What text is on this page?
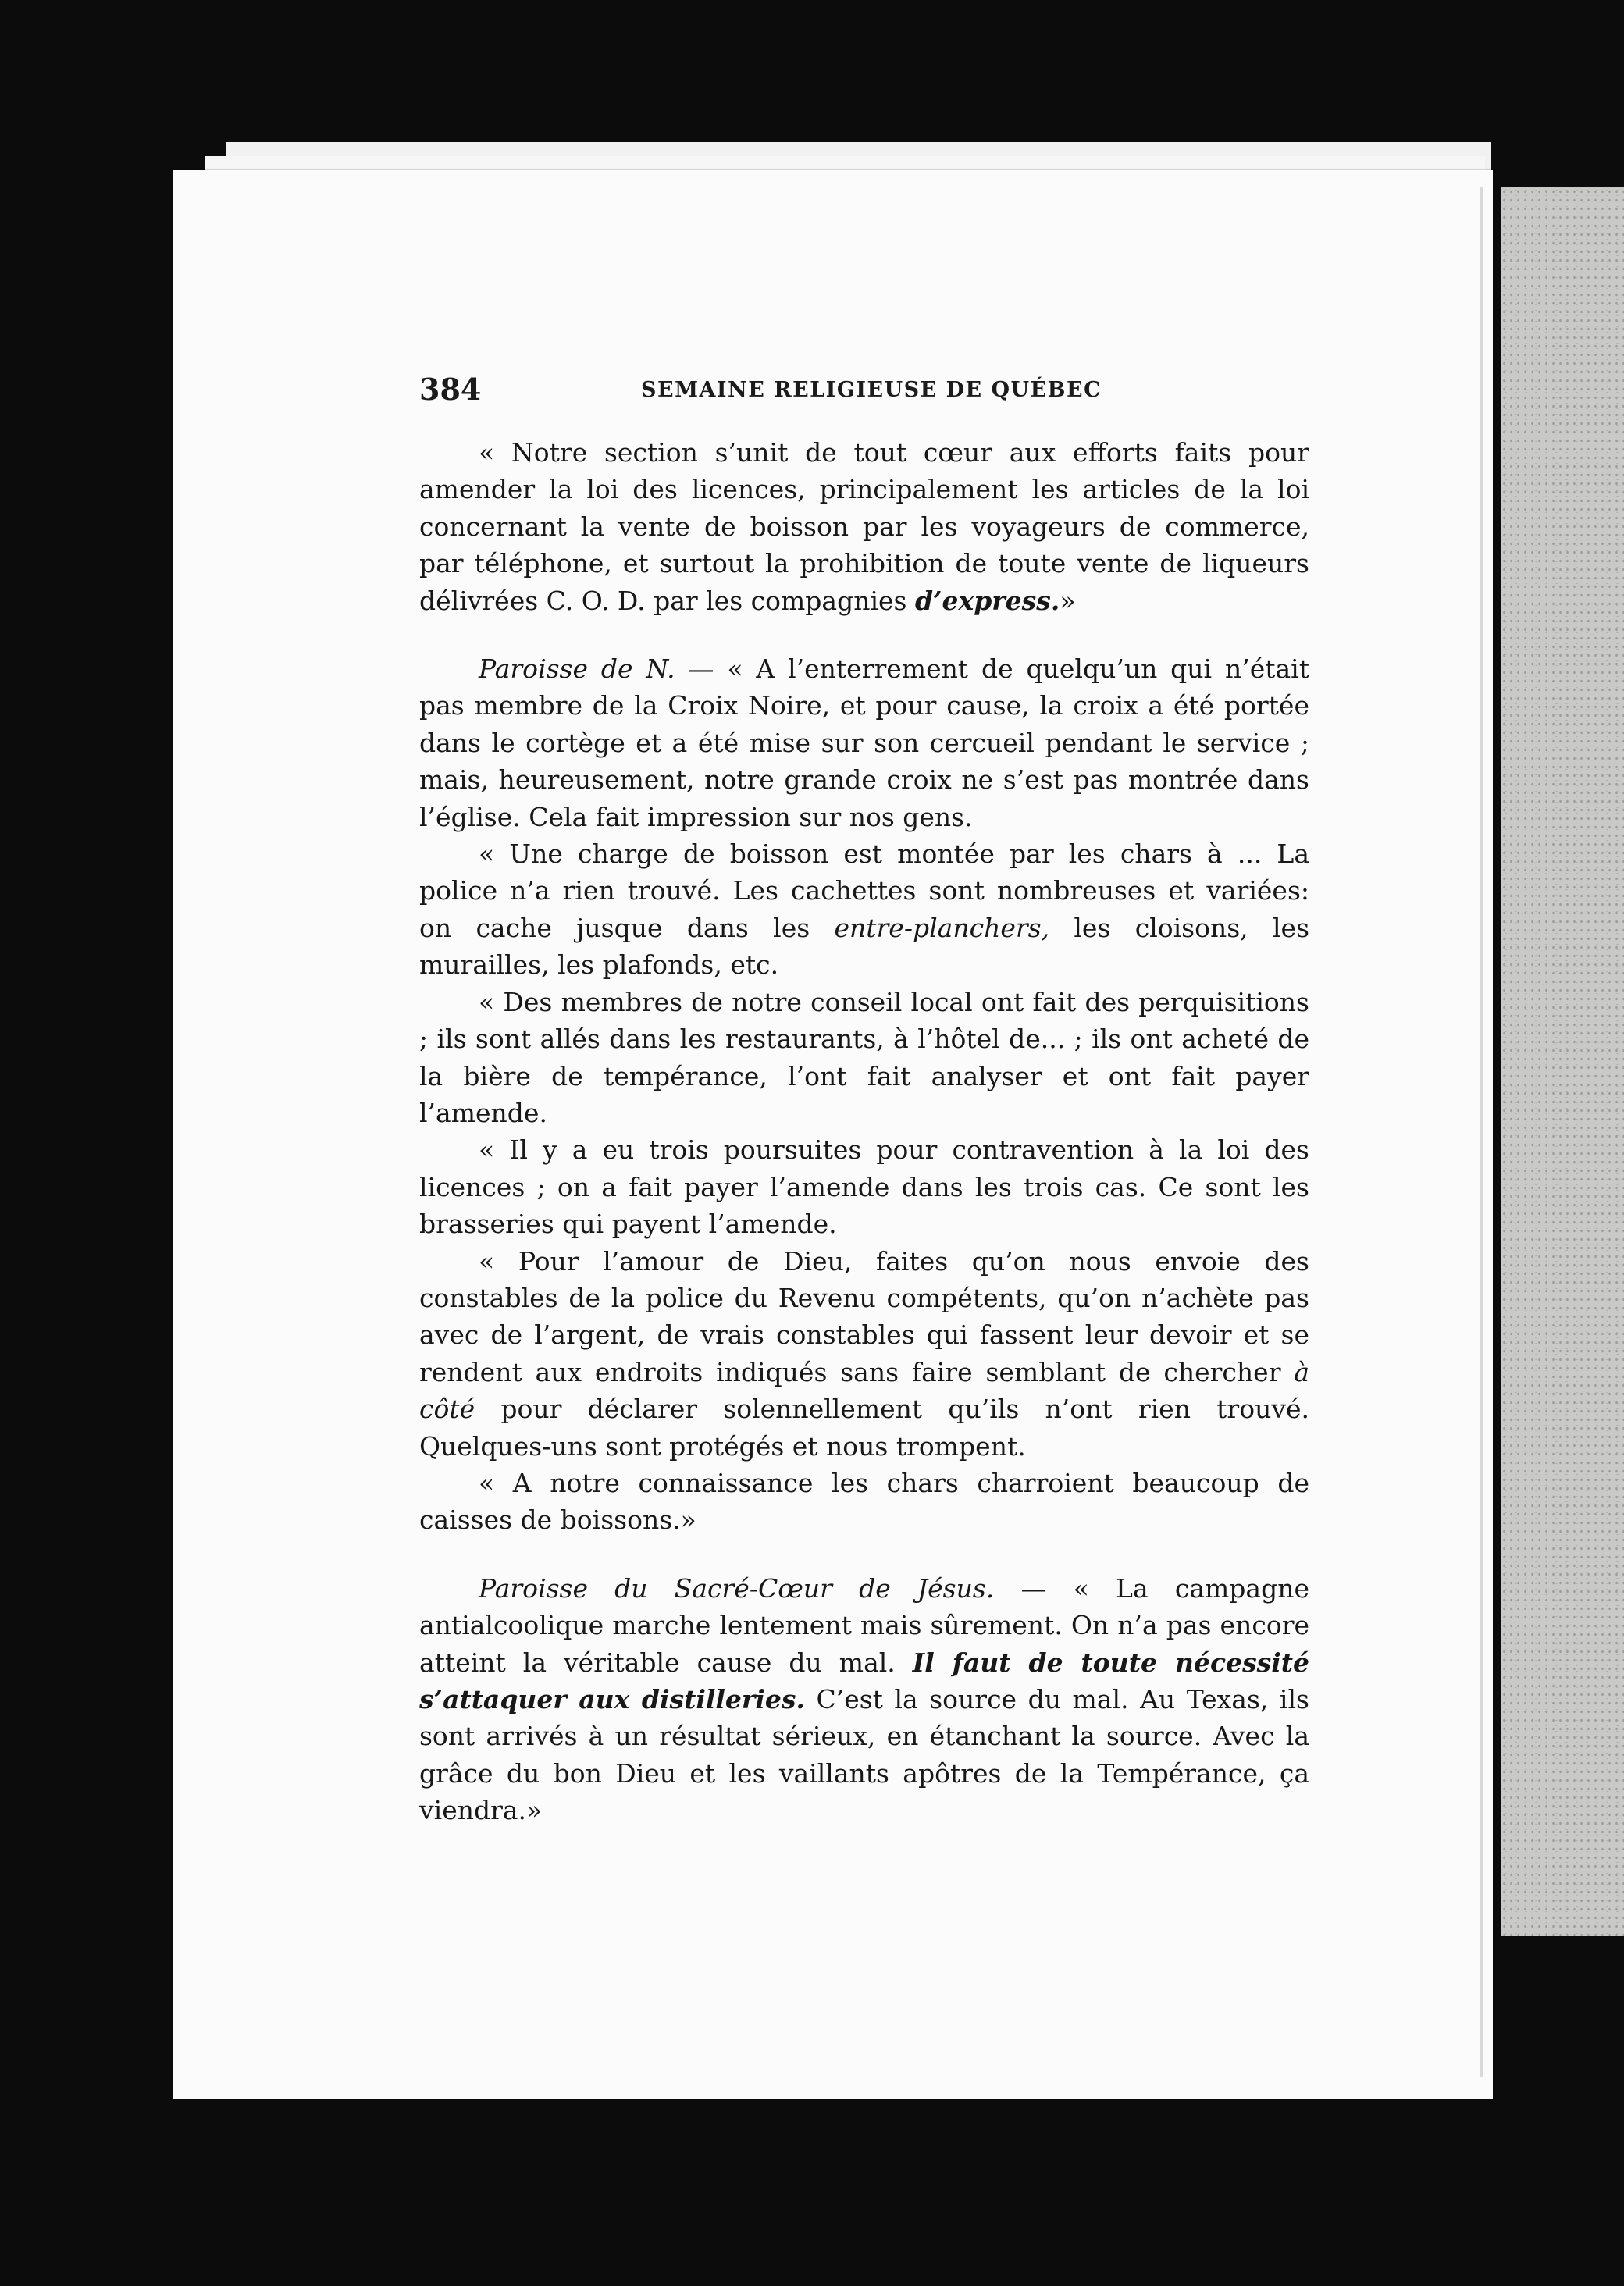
384	SEMAINE RELIGIEUSE DE QUÉBEC

« Notre section s’unit de tout cœur aux efforts faits pour amender la loi des licences, principalement les articles de la loi concernant la vente de boisson par les voyageurs de commerce, par téléphone, et surtout la prohibition de toute vente de liqueurs délivrées C. O. D. par les compagnies d’express.»

Paroisse de N. — « A l’enterrement de quelqu’un qui n’était pas membre de la Croix Noire, et pour cause, la croix a été portée dans le cortège et a été mise sur son cercueil pendant le service ; mais, heureusement, notre grande croix ne s’est pas montrée dans l’église. Cela fait impression sur nos gens.

« Une charge de boisson est montée par les chars à ... La police n’a rien trouvé. Les cachettes sont nombreuses et variées: on cache jusque dans les entre-planchers, les cloisons, les murailles, les plafonds, etc.

« Des membres de notre conseil local ont fait des perquisitions ; ils sont allés dans les restaurants, à l’hôtel de... ; ils ont acheté de la bière de tempérance, l’ont fait analyser et ont fait payer l’amende.

« Il y a eu trois poursuites pour contravention à la loi des licences ; on a fait payer l’amende dans les trois cas. Ce sont les brasseries qui payent l’amende.

« Pour l’amour de Dieu, faites qu’on nous envoie des constables de la police du Revenu compétents, qu’on n’achète pas avec de l’argent, de vrais constables qui fassent leur devoir et se rendent aux endroits indiqués sans faire semblant de chercher à côté pour déclarer solennellement qu’ils n’ont rien trouvé. Quelques-uns sont protégés et nous trompent.

« A notre connaissance les chars charroient beaucoup de caisses de boissons.»

Paroisse du Sacré-Cœur de Jésus. — « La campagne antialcoolique marche lentement mais sûrement. On n’a pas encore atteint la véritable cause du mal. Il faut de toute nécessité s’attaquer aux distilleries. C’est la source du mal. Au Texas, ils sont arrivés à un résultat sérieux, en étanchant la source. Avec la grâce du bon Dieu et les vaillants apôtres de la Tempérance, ça viendra.»
